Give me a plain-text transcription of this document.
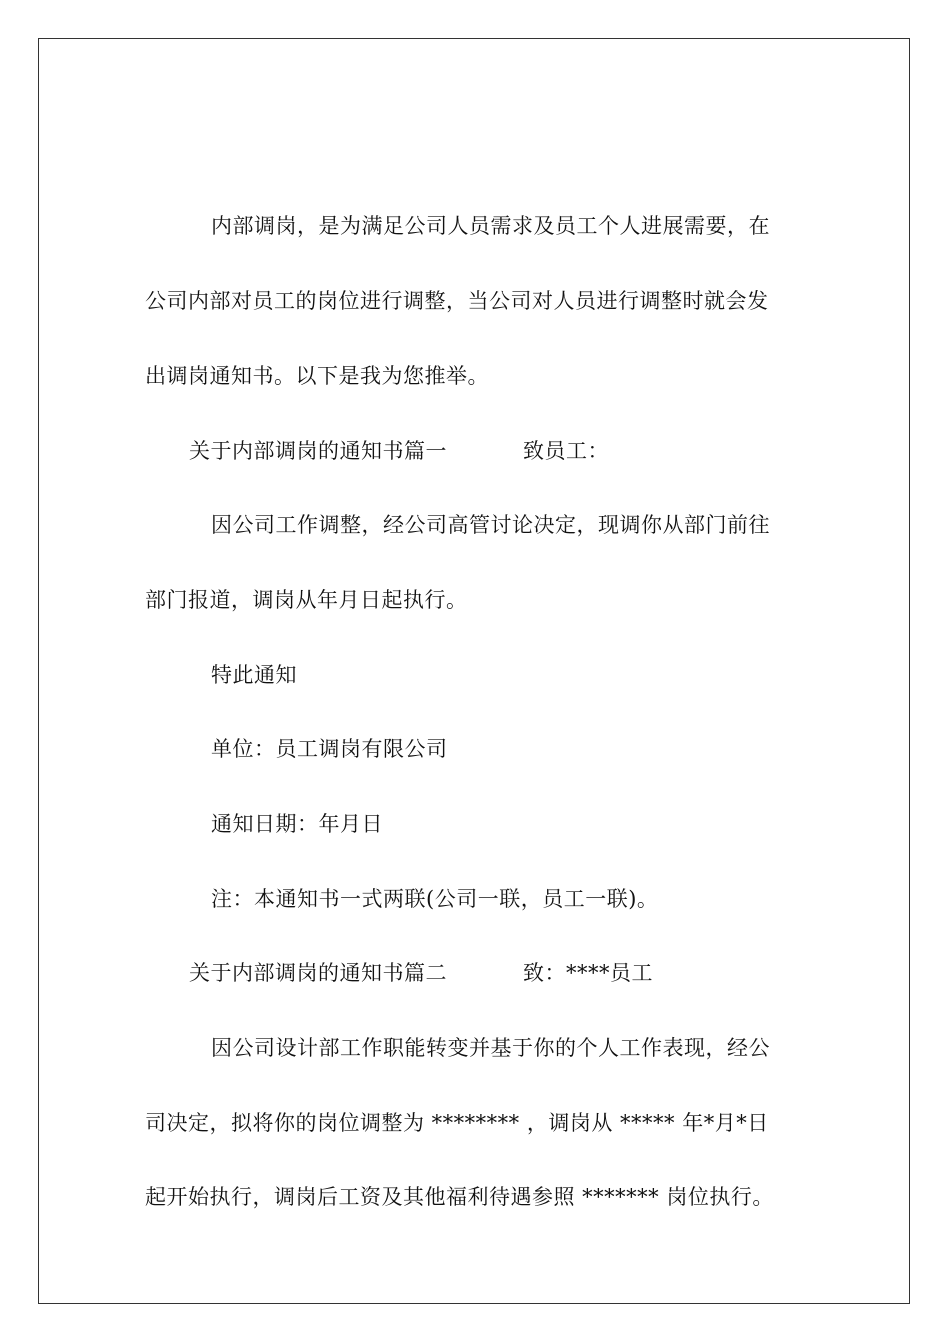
内部调岗，是为满足公司人员需求及员工个人进展需要，在
公司内部对员工的岗位进行调整，当公司对人员进行调整时就会发
出调岗通知书。以下是我为您推举。
关于内部调岗的通知书篇一	致员工：
因公司工作调整，经公司高管讨论决定，现调你从部门前往
部门报道，调岗从年月日起执行。
特此通知
单位：员工调岗有限公司
通知日期：年月日
注：本通知书一式两联(公司一联，员工一联)。
关于内部调岗的通知书篇二	致：****员工
因公司设计部工作职能转变并基于你的个人工作表现，经公
司决定，拟将你的岗位调整为 ******** ，调岗从 ***** 年*月*日
起开始执行，调岗后工资及其他福利待遇参照 ******* 岗位执行。
